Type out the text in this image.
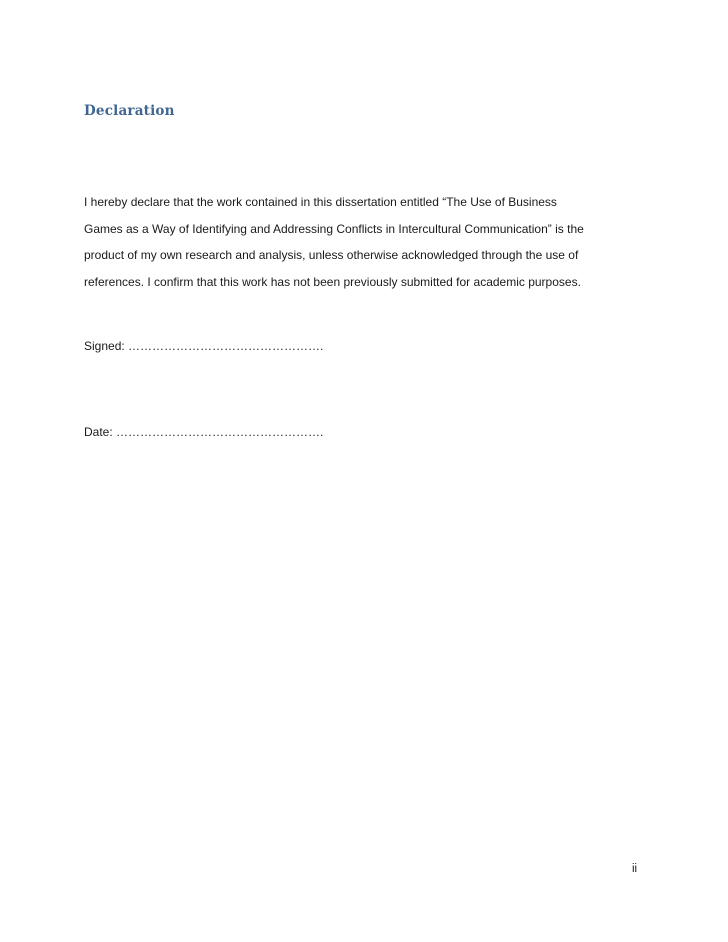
Declaration

I hereby declare that the work contained in this dissertation entitled “The Use of Business
Games as a Way of Identifying and Addressing Conflicts in Intercultural Communication” is the
product of my own research and analysis, unless otherwise acknowledged through the use of
references. I confirm that this work has not been previously submitted for academic purposes.

Signed: ………………………………………….

Date: …………………………………………….

ii
